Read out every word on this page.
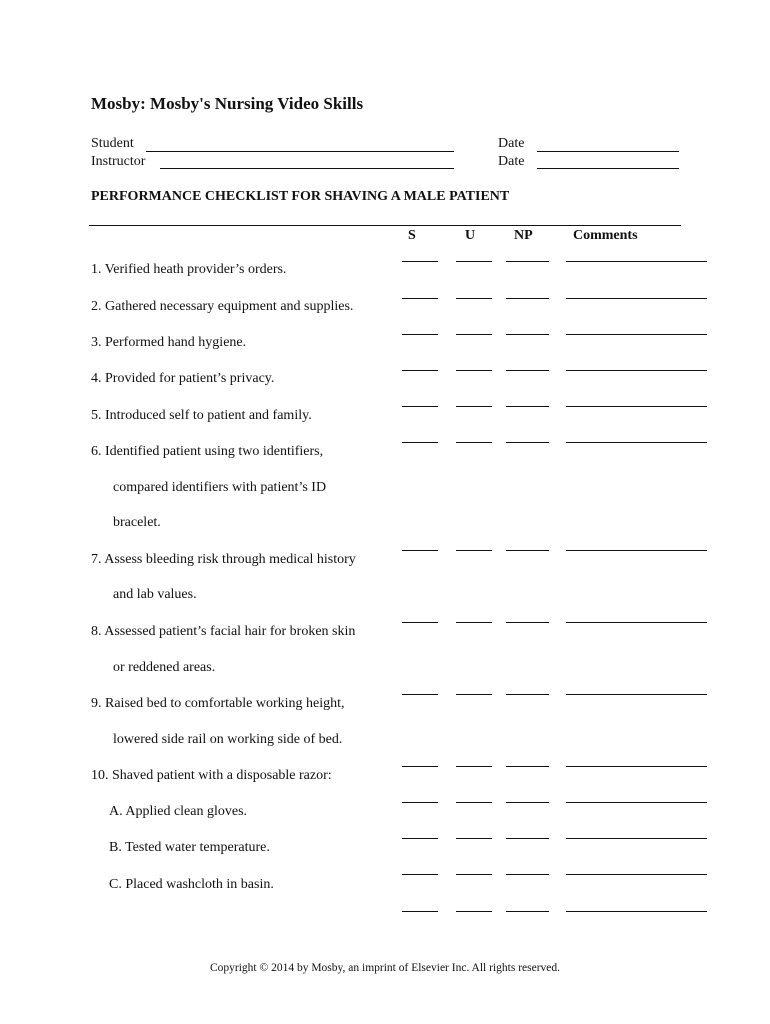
Mosby: Mosby's Nursing Video Skills
Student
Instructor
Date
Date
PERFORMANCE CHECKLIST FOR SHAVING A MALE PATIENT
S	U	NP	Comments
1. Verified heath provider’s orders.
2. Gathered necessary equipment and supplies.
3. Performed hand hygiene.
4. Provided for patient’s privacy.
5. Introduced self to patient and family.
6. Identified patient using two identifiers,
compared identifiers with patient’s ID
bracelet.
7. Assess bleeding risk through medical history
and lab values.
8. Assessed patient’s facial hair for broken skin
or reddened areas.
9. Raised bed to comfortable working height,
lowered side rail on working side of bed.
10. Shaved patient with a disposable razor:
A. Applied clean gloves.
B. Tested water temperature.
C. Placed washcloth in basin.
Copyright © 2014 by Mosby, an imprint of Elsevier Inc. All rights reserved.
